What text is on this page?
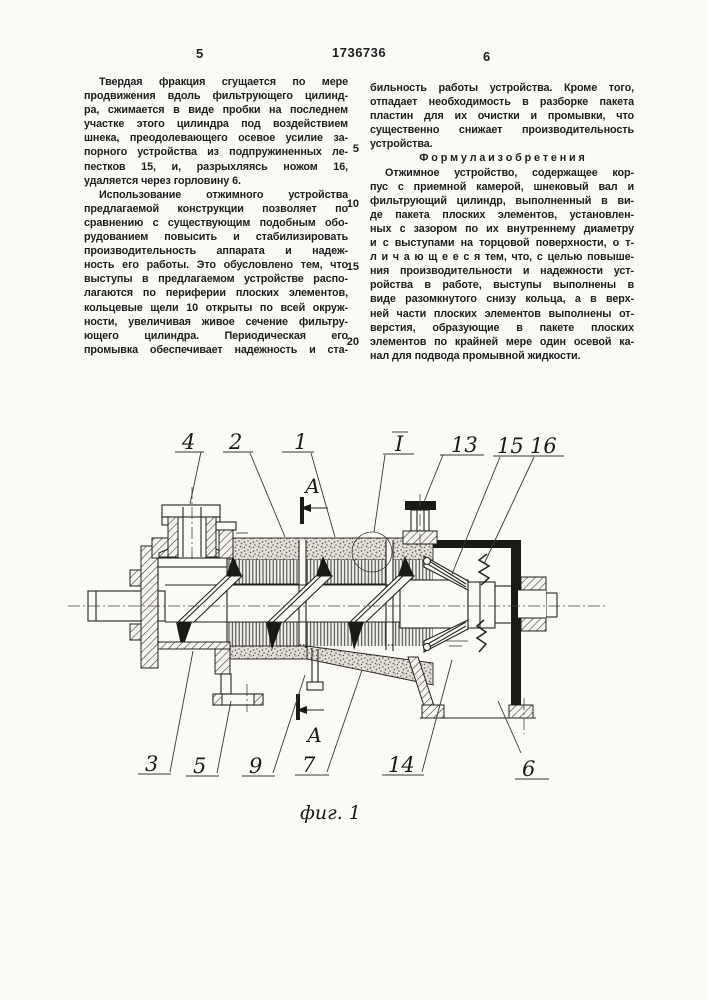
5	1736736	6
Твердая фракция сгущается по мере
продвижения вдоль фильтрующего цилинд-
ра, сжимается в виде пробки на последнем
участке этого цилиндра под воздействием
шнека, преодолевающего осевое усилие за-
порного устройства из подпружиненных ле-
пестков 15, и, разрыхляясь ножом 16,
удаляется через горловину 6.
Использование отжимного устройства
предлагаемой конструкции позволяет по
сравнению с существующим подобным обо-
рудованием повысить и стабилизировать
производительность аппарата и надеж-
ность его работы. Это обусловлено тем, что
выступы в предлагаемом устройстве распо-
лагаются по периферии плоских элементов,
кольцевые щели 10 открыты по всей окруж-
ности, увеличивая живое сечение фильтру-
ющего цилиндра. Периодическая его
промывка обеспечивает надежность и ста-
бильность работы устройства. Кроме того,
отпадает необходимость в разборке пакета
пластин для их очистки и промывки, что
существенно снижает производительность
устройства.
Ф о р м у л а и з о б р е т е н и я
Отжимное устройство, содержащее кор-
пус с приемной камерой, шнековый вал и
фильтрующий цилиндр, выполненный в ви-
де пакета плоских элементов, установлен-
ных с зазором по их внутреннему диаметру
и с выступами на торцовой поверхности, о т-
л и ч а ю щ е е с я тем, что, с целью повыше-
ния производительности и надежности уст-
ройства в работе, выступы выполнены в
виде разомкнутого снизу кольца, а в верх-
ней части плоских элементов выполнены от-
верстия, образующие в пакете плоских
элементов по крайней мере один осевой ка-
нал для подвода промывной жидкости.
5
10
15
20
А
А
4 2 1	I 13 15 16
3 5 9 7	14	6
фиг. 1
